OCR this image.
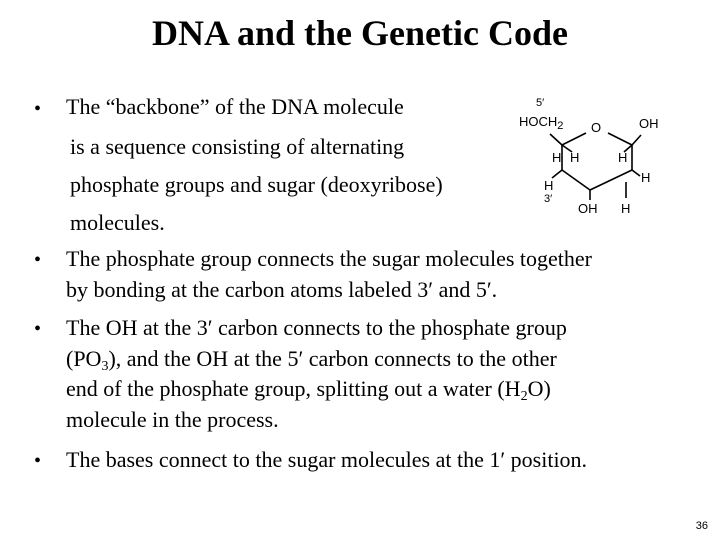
DNA and the Genetic Code
• The “backbone” of the DNA molecule
is a sequence consisting of alternating
phosphate groups and sugar (deoxyribose)
molecules.
• The phosphate group connects the sugar molecules together
by bonding at the carbon atoms labeled 3′ and 5′.
• The OH at the 3′ carbon connects to the phosphate group
$(PO_3)$, and the OH at the 5′ carbon connects to the other
end of the phosphate group, splitting out a water $(H_2O)$
molecule in the process.
• The bases connect to the sugar molecules at the 1′ position.
5′
$HOCH_2$ O	OH
H	H
H
H
H
3′
OH H
36
